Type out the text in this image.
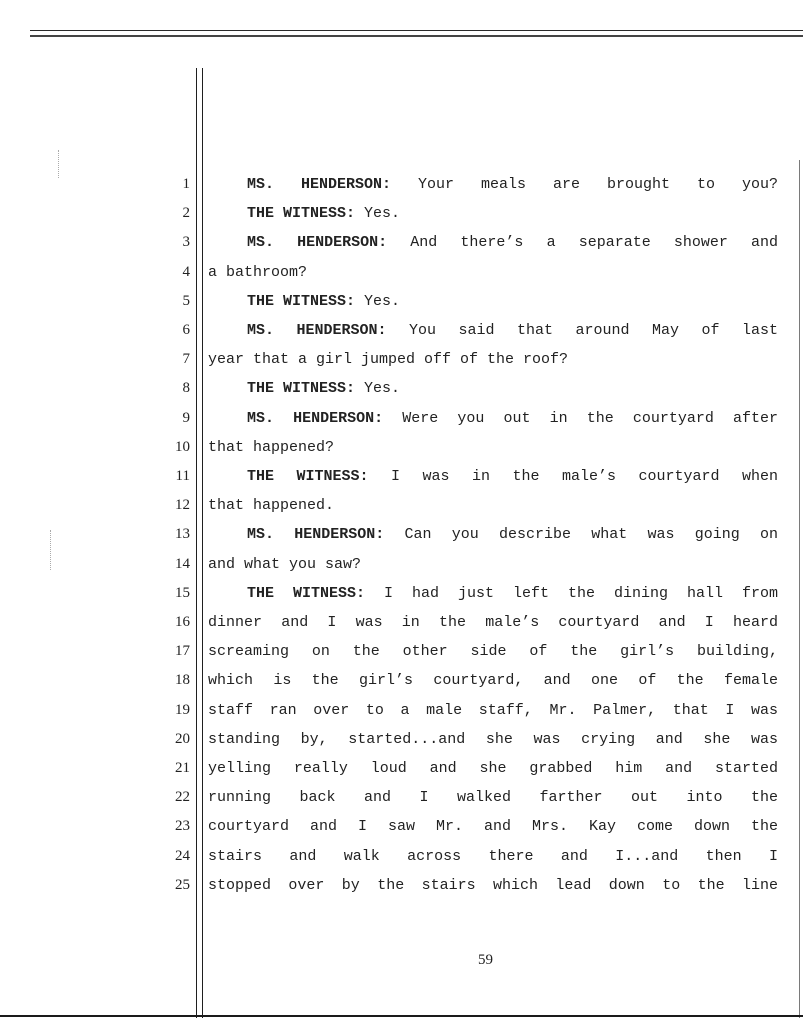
1	MS. HENDERSON: Your meals are brought to you?
2	THE WITNESS: Yes.
3	MS. HENDERSON: And there’s a separate shower and
4 a bathroom?
5	THE WITNESS: Yes.
6	MS. HENDERSON: You said that around May of last
7 year that a girl jumped off of the roof?
8	THE WITNESS: Yes.
9	MS. HENDERSON: Were you out in the courtyard after
10 that happened?
11	THE WITNESS: I was in the male’s courtyard when
12 that happened.
13	MS. HENDERSON: Can you describe what was going on
14 and what you saw?
15	THE WITNESS: I had just left the dining hall from
16 dinner and I was in the male’s courtyard and I heard
17 screaming on the other side of the girl’s building,
18 which is the girl’s courtyard, and one of the female
19 staff ran over to a male staff, Mr. Palmer, that I was
20 standing by, started...and she was crying and she was
21 yelling really loud and she grabbed him and started
22 running back and I walked farther out into the
23 courtyard and I saw Mr. and Mrs. Kay come down the
24 stairs and walk across there and I...and then I
25 stopped over by the stairs which lead down to the line
59
